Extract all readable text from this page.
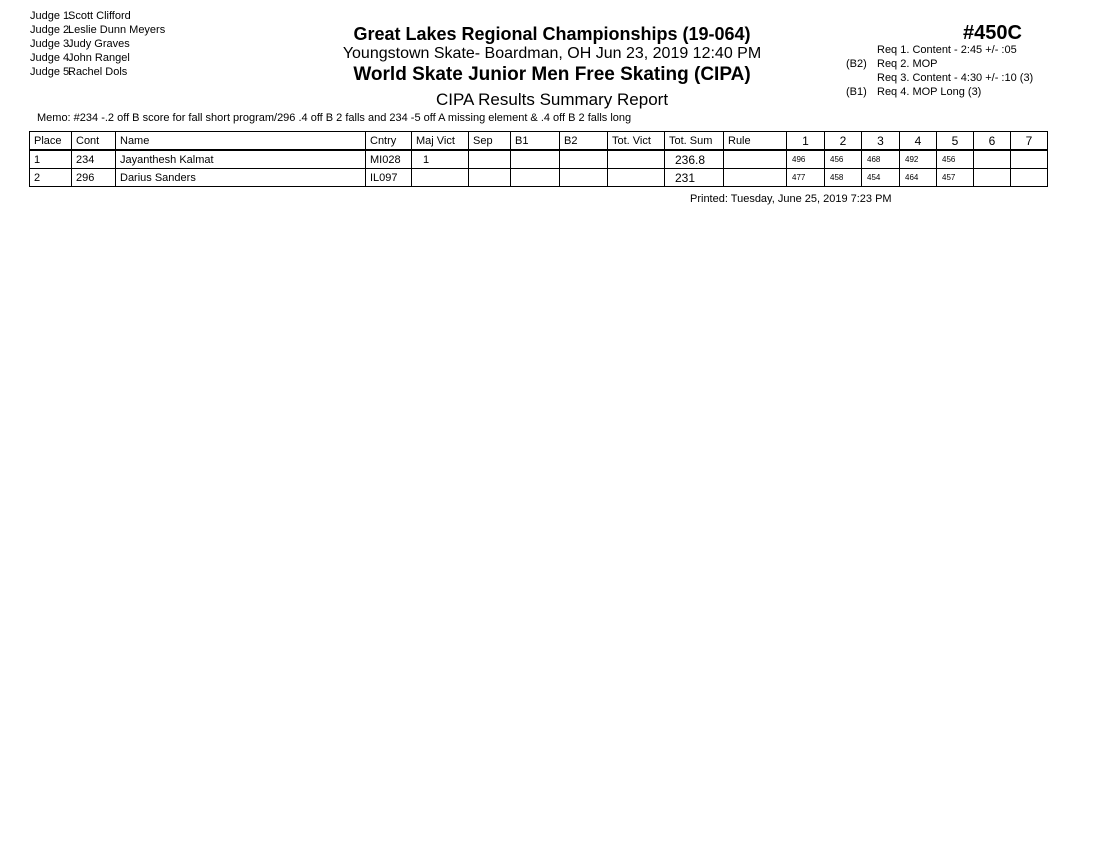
Judge 1.Scott Clifford
Judge 2.Leslie Dunn Meyers
Judge 3.Judy Graves
Judge 4.John Rangel
Judge 5.Rachel Dols
Great Lakes Regional Championships (19-064)
Youngstown Skate- Boardman, OH Jun 23, 2019 12:40 PM
World Skate Junior Men Free Skating (CIPA)
CIPA Results Summary Report
#450C
Req 1. Content - 2:45 +/- :05
(B2) Req 2. MOP
Req 3. Content - 4:30 +/- :10 (3)
(B1) Req 4. MOP Long (3)
Memo: #234 -.2 off B score for fall short program/296 .4 off B 2 falls and 234 -5 off A missing element & .4 off B 2 falls long
Place	Cont	Name	Cntry	Maj Vict	Sep	B1	B2	Tot. Vict	Tot. Sum	Rule	1	2	3	4	5	6	7
1	234	Jayanthesh Kalmat	MI028	1					236.8		496	456	468	492	456		
2	296	Darius Sanders	IL097						231		477	458	454	464	457		
Printed: Tuesday, June 25, 2019 7:23 PM
